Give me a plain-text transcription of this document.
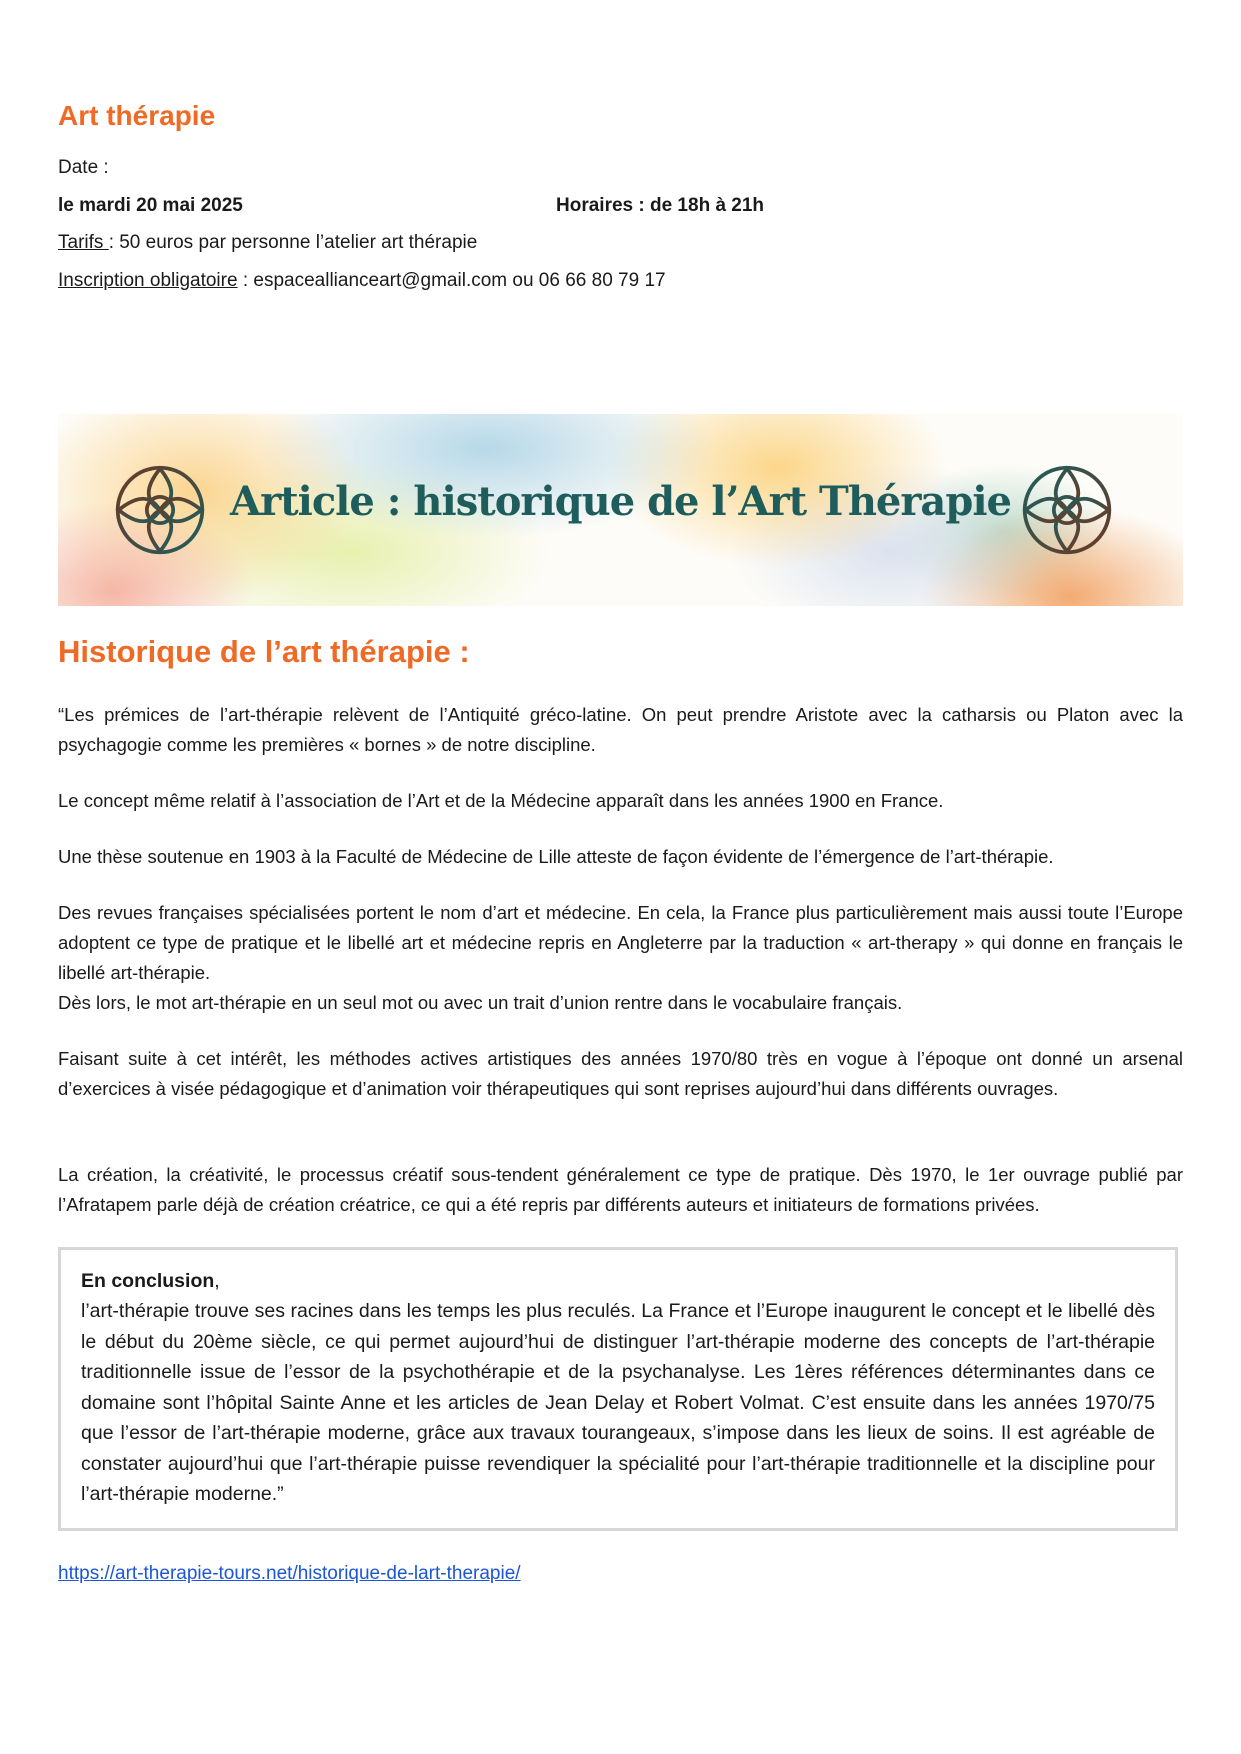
Art thérapie
Date :
le mardi 20 mai 2025	Horaires : de 18h à 21h
Tarifs : 50 euros par personne l’atelier art thérapie
Inscription obligatoire : espaceallianceart@gmail.com ou 06 66 80 79 17
Article : historique de l’Art Thérapie
Historique de l’art thérapie :

“Les prémices de l’art-thérapie relèvent de l’Antiquité gréco-latine. On peut prendre Aristote avec la catharsis ou Platon avec la psychagogie comme les premières « bornes » de notre discipline.

Le concept même relatif à l’association de l’Art et de la Médecine apparaît dans les années 1900 en France.

Une thèse soutenue en 1903 à la Faculté de Médecine de Lille atteste de façon évidente de l’émergence de l’art-thérapie.

Des revues françaises spécialisées portent le nom d’art et médecine. En cela, la France plus particulièrement mais aussi toute l’Europe adoptent ce type de pratique et le libellé art et médecine repris en Angleterre par la traduction « art-therapy » qui donne en français le libellé art-thérapie.
Dès lors, le mot art-thérapie en un seul mot ou avec un trait d’union rentre dans le vocabulaire français.

Faisant suite à cet intérêt, les méthodes actives artistiques des années 1970/80 très en vogue à l’époque ont donné un arsenal d’exercices à visée pédagogique et d’animation voir thérapeutiques qui sont reprises aujourd’hui dans différents ouvrages.

La création, la créativité, le processus créatif sous-tendent généralement ce type de pratique. Dès 1970, le 1er ouvrage publié par l’Afratapem parle déjà de création créatrice, ce qui a été repris par différents auteurs et initiateurs de formations privées.

En conclusion,

l’art-thérapie trouve ses racines dans les temps les plus reculés. La France et l’Europe inaugurent le concept et le libellé dès le début du 20ème siècle, ce qui permet aujourd’hui de distinguer l’art-thérapie moderne des concepts de l’art-thérapie traditionnelle issue de l’essor de la psychothérapie et de la psychanalyse. Les 1ères références déterminantes dans ce domaine sont l’hôpital Sainte Anne et les articles de Jean Delay et Robert Volmat. C’est ensuite dans les années 1970/75 que l’essor de l’art-thérapie moderne, grâce aux travaux tourangeaux, s’impose dans les lieux de soins. Il est agréable de constater aujourd’hui que l’art-thérapie puisse revendiquer la spécialité pour l’art-thérapie traditionnelle et la discipline pour l’art-thérapie moderne.”

https://art-therapie-tours.net/historique-de-lart-therapie/
